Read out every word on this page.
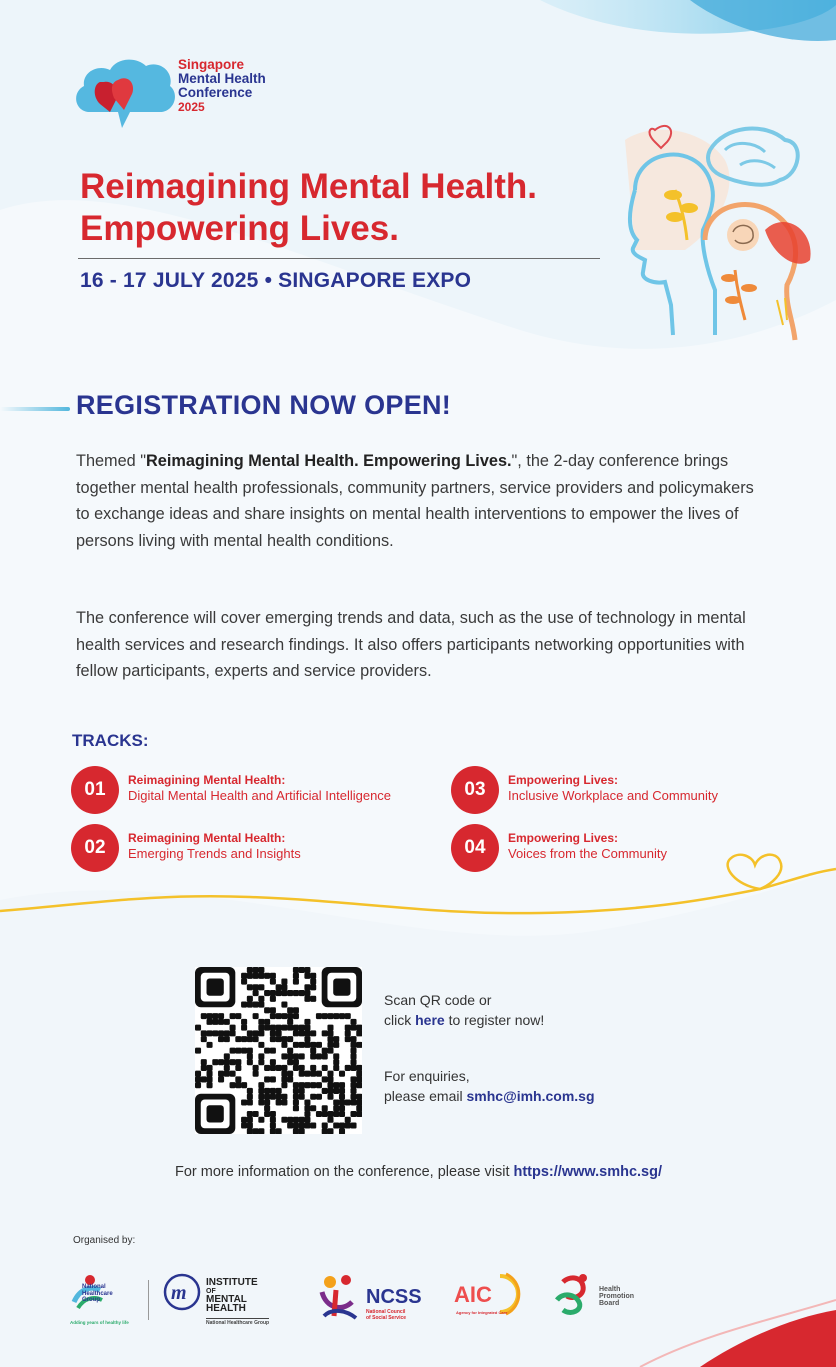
Singapore
Mental Health
Conference
2025
Reimagining Mental Health.
Empowering Lives.
16 - 17 JULY 2025 • SINGAPORE EXPO
REGISTRATION NOW OPEN!

Themed "Reimagining Mental Health. Empowering Lives.", the 2-day conference brings together mental health professionals, community partners, service providers and policymakers to exchange ideas and share insights on mental health interventions to empower the lives of persons living with mental health conditions.

The conference will cover emerging trends and data, such as the use of technology in mental health services and research findings. It also offers participants networking opportunities with fellow participants, experts and service providers.

TRACKS:
01	Reimagining Mental Health:
Digital Mental Health and Artificial Intelligence
02	Reimagining Mental Health:
Emerging Trends and Insights
03	Empowering Lives:
Inclusive Workplace and Community
04	Empowering Lives:
Voices from the Community
Scan QR code or
click here to register now!
For enquiries,
please email smhc@imh.com.sg
For more information on the conference, please visit https://www.smhc.sg/
Organised by:
National
Healthcare
Group
Adding years of healthy life
m INSTITUTE
OF
MENTAL
HEALTH
National Healthcare Group
NCSS
National Council
of Social Service
AIC
Agency for Integrated Care
Health
Promotion
Board
